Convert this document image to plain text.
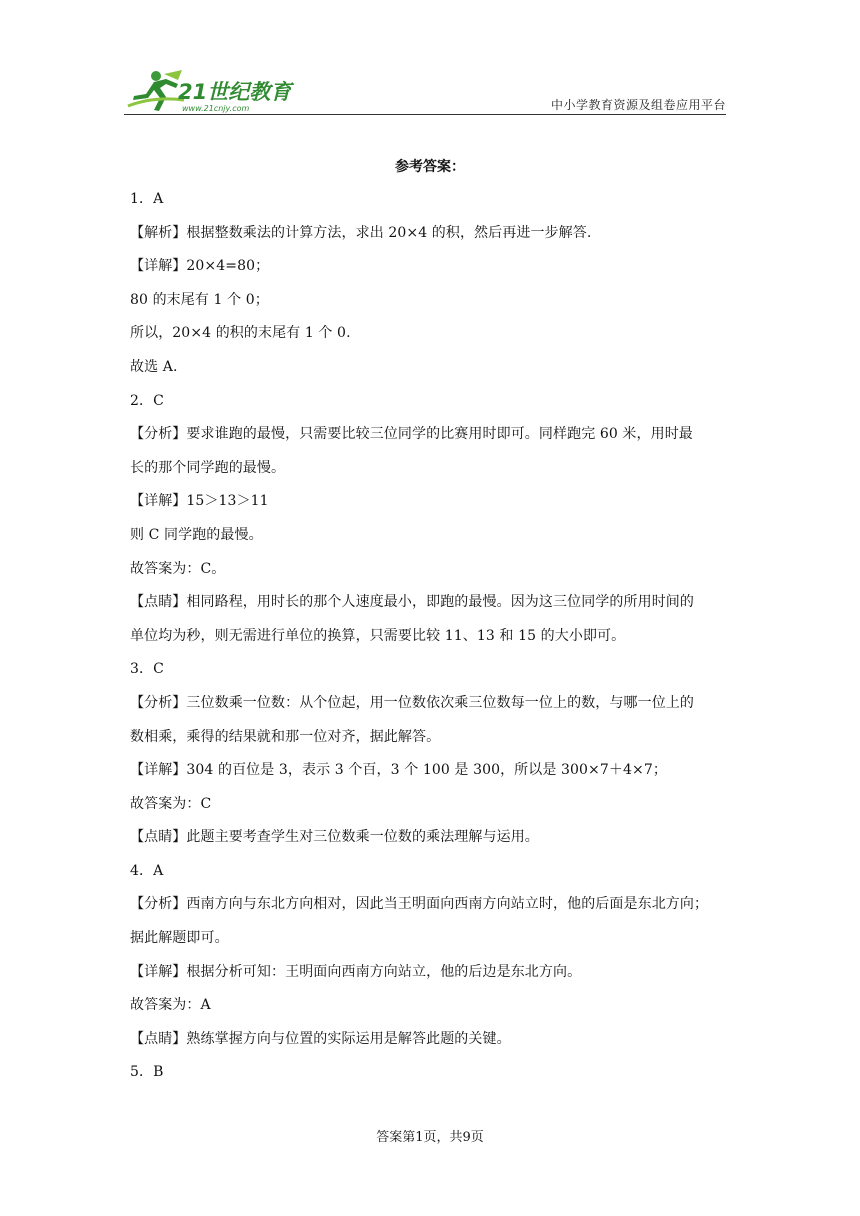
21世纪教育
www.21cnjy.com	中小学教育资源及组卷应用平台
参考答案：
1．A
【解析】根据整数乘法的计算方法，求出 20×4 的积，然后再进一步解答.
【详解】20×4=80；
80 的末尾有 1 个 0；
所以，20×4 的积的末尾有 1 个 0.
故选 A.
2．C
【分析】要求谁跑的最慢，只需要比较三位同学的比赛用时即可。同样跑完 60 米，用时最
长的那个同学跑的最慢。
【详解】15＞13＞11
则 C 同学跑的最慢。
故答案为：C。
【点睛】相同路程，用时长的那个人速度最小，即跑的最慢。因为这三位同学的所用时间的
单位均为秒，则无需进行单位的换算，只需要比较 11、13 和 15 的大小即可。
3．C
【分析】三位数乘一位数：从个位起，用一位数依次乘三位数每一位上的数，与哪一位上的
数相乘，乘得的结果就和那一位对齐，据此解答。
【详解】304 的百位是 3，表示 3 个百，3 个 100 是 300，所以是 300×7＋4×7；
故答案为：C
【点睛】此题主要考查学生对三位数乘一位数的乘法理解与运用。
4．A
【分析】西南方向与东北方向相对，因此当王明面向西南方向站立时，他的后面是东北方向；
据此解题即可。
【详解】根据分析可知：王明面向西南方向站立，他的后边是东北方向。
故答案为：A
【点睛】熟练掌握方向与位置的实际运用是解答此题的关键。
5．B
答案第1页，共9页
